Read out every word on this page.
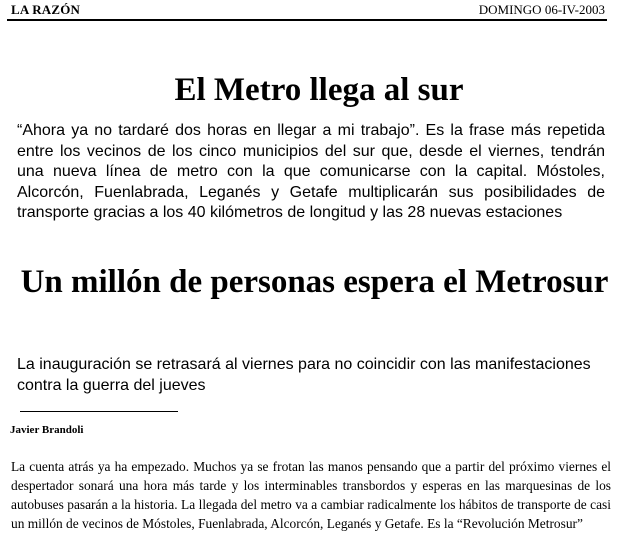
LA RAZÓN	DOMINGO 06-IV-2003
El Metro llega al sur

“Ahora ya no tardaré dos horas en llegar a mi trabajo”. Es la frase más repetida entre los vecinos de los cinco municipios del sur que, desde el viernes, tendrán una nueva línea de metro con la que comunicarse con la capital. Móstoles, Alcorcón, Fuenlabrada, Leganés y Getafe multiplicarán sus posibilidades de transporte gracias a los 40 kilómetros de longitud y las 28 nuevas estaciones

Un millón de personas espera el Metrosur

La inauguración se retrasará al viernes para no coincidir con las manifestaciones contra la guerra del jueves

Javier Brandoli

La cuenta atrás ya ha empezado. Muchos ya se frotan las manos pensando que a partir del próximo viernes el despertador sonará una hora más tarde y los interminables transbordos y esperas en las marquesinas de los autobuses pasarán a la historia. La llegada del metro va a cambiar radicalmente los hábitos de transporte de casi un millón de vecinos de Móstoles, Fuenlabrada, Alcorcón, Leganés y Getafe. Es la “Revolución Metrosur”
